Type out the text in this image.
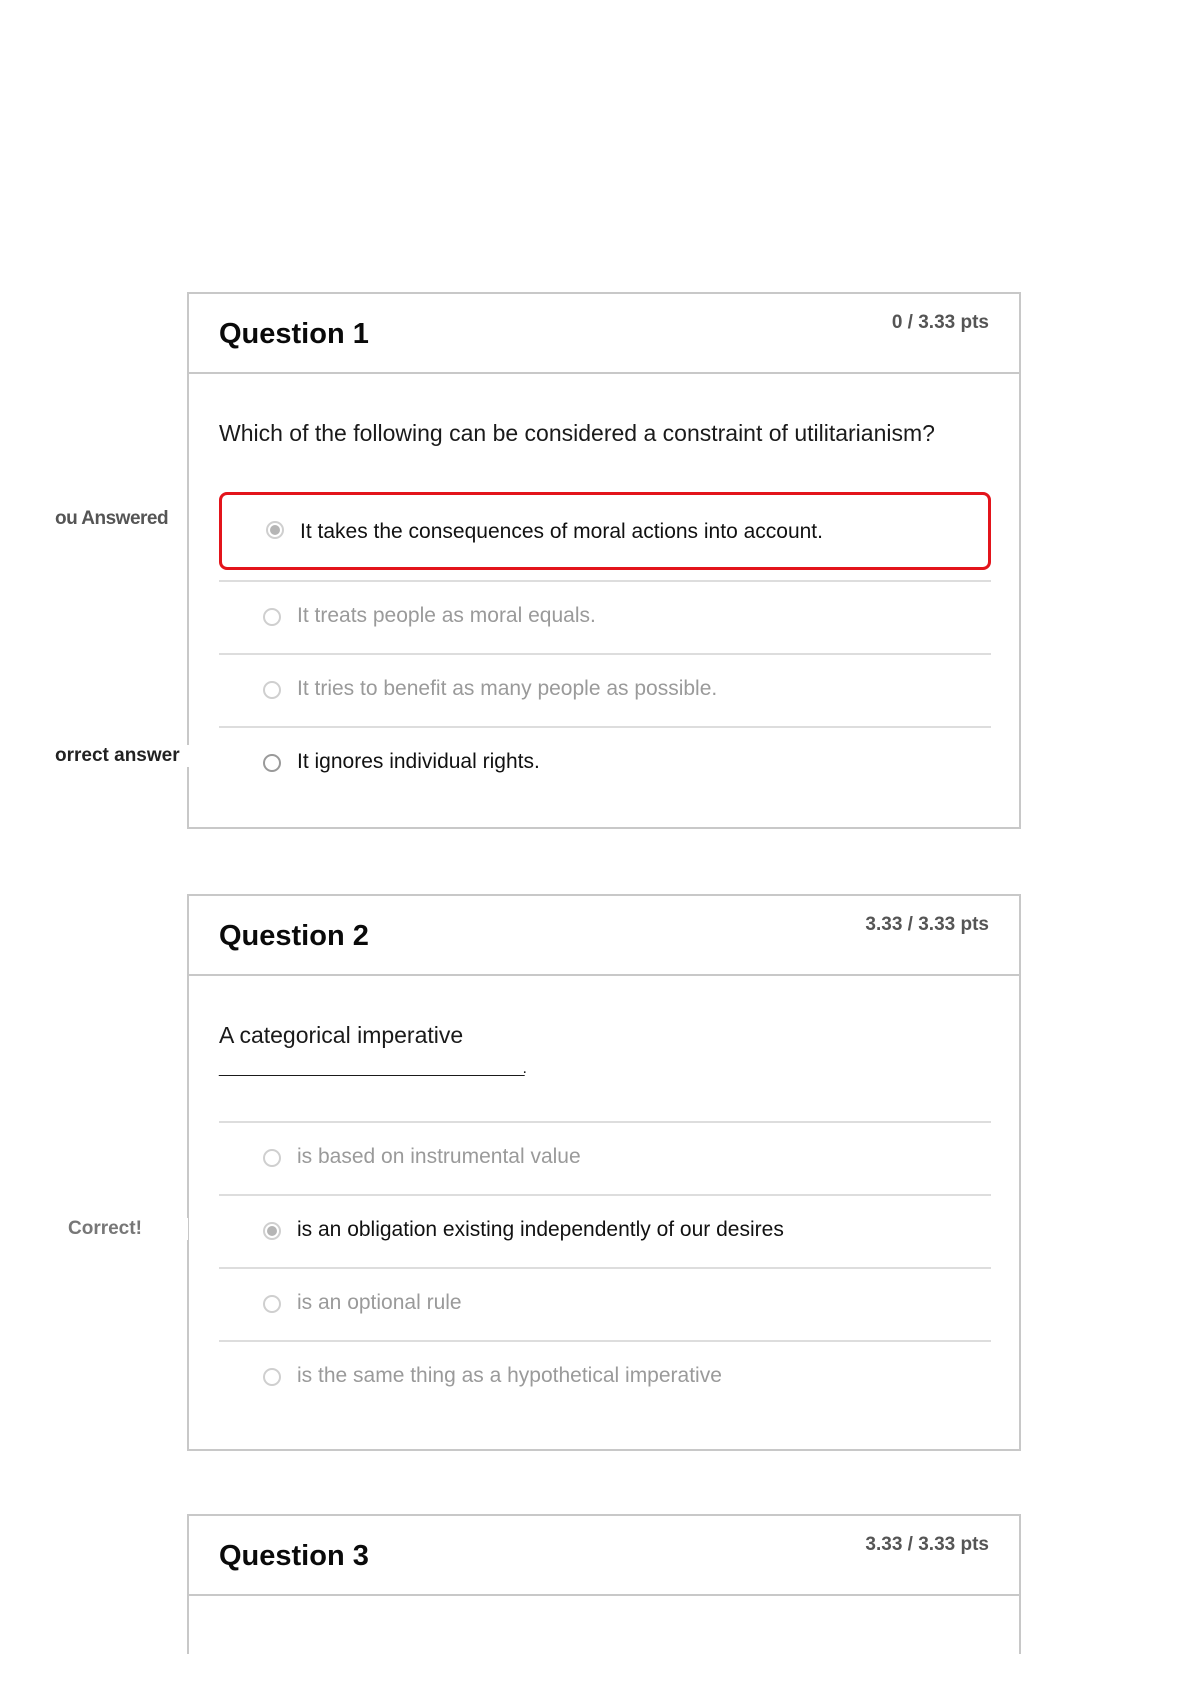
Question 1	0 / 3.33 pts
Which of the following can be considered a constraint of utilitarianism?
It takes the consequences of moral actions into account.
It treats people as moral equals.
It tries to benefit as many people as possible.
It ignores individual rights.
ou Answered
orrect answer
Question 2	3.33 / 3.33 pts
A categorical imperative
____________________________________________.
is based on instrumental value
is an obligation existing independently of our desires
is an optional rule
is the same thing as a hypothetical imperative
Correct!
Question 3	3.33 / 3.33 pts
